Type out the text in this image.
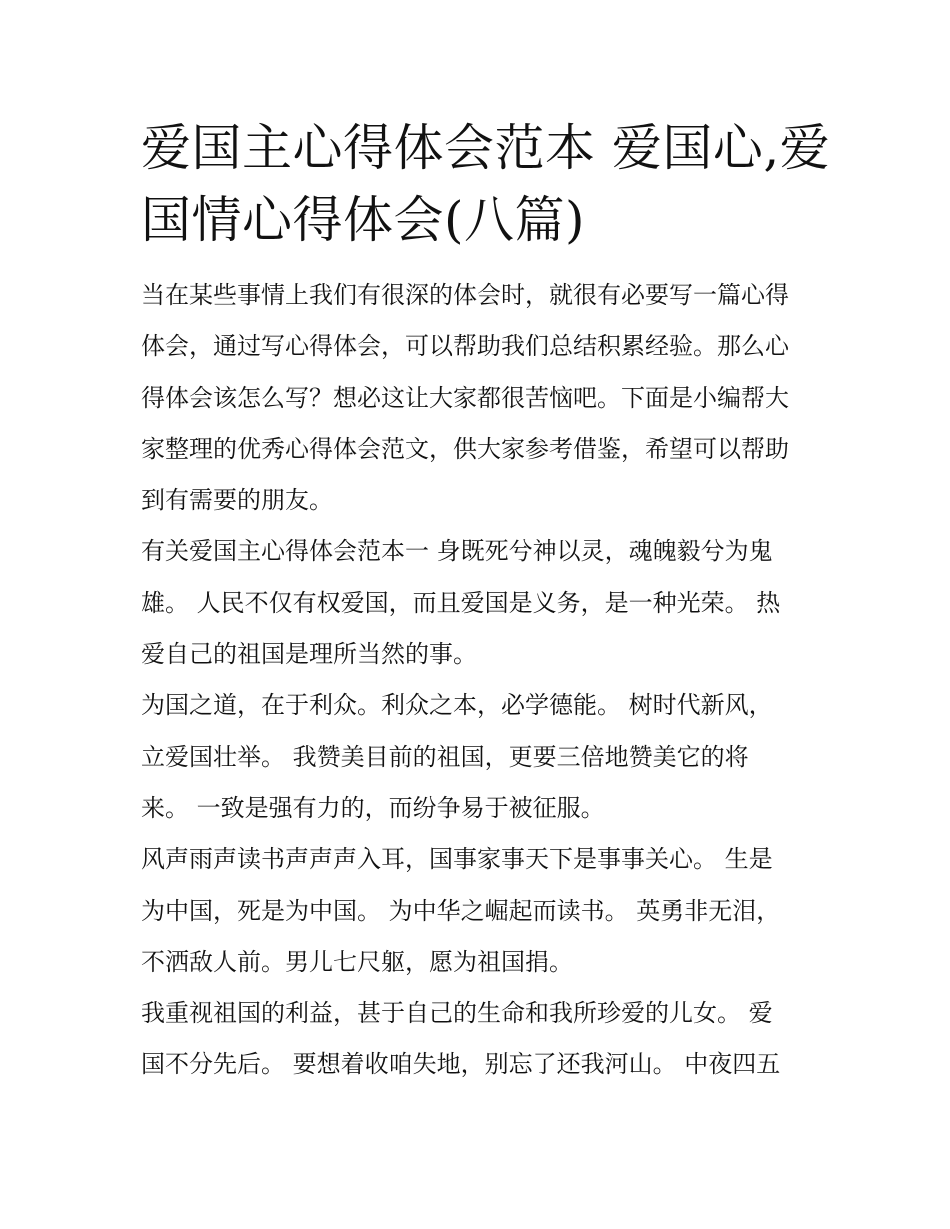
爱国主心得体会范本 爱国心,爱
国情心得体会(八篇)

当在某些事情上我们有很深的体会时，就很有必要写一篇心得
体会，通过写心得体会，可以帮助我们总结积累经验。那么心
得体会该怎么写？想必这让大家都很苦恼吧。下面是小编帮大
家整理的优秀心得体会范文，供大家参考借鉴，希望可以帮助
到有需要的朋友。

有关爱国主心得体会范本一 身既死兮神以灵，魂魄毅兮为鬼
雄。 人民不仅有权爱国，而且爱国是义务，是一种光荣。 热
爱自己的祖国是理所当然的事。

为国之道，在于利众。利众之本，必学德能。 树时代新风，
立爱国壮举。 我赞美目前的祖国，更要三倍地赞美它的将
来。 一致是强有力的，而纷争易于被征服。

风声雨声读书声声声入耳，国事家事天下是事事关心。 生是
为中国，死是为中国。 为中华之崛起而读书。 英勇非无泪，
不洒敌人前。男儿七尺躯，愿为祖国捐。

我重视祖国的利益，甚于自己的生命和我所珍爱的儿女。 爱
国不分先后。 要想着收咱失地，别忘了还我河山。 中夜四五
